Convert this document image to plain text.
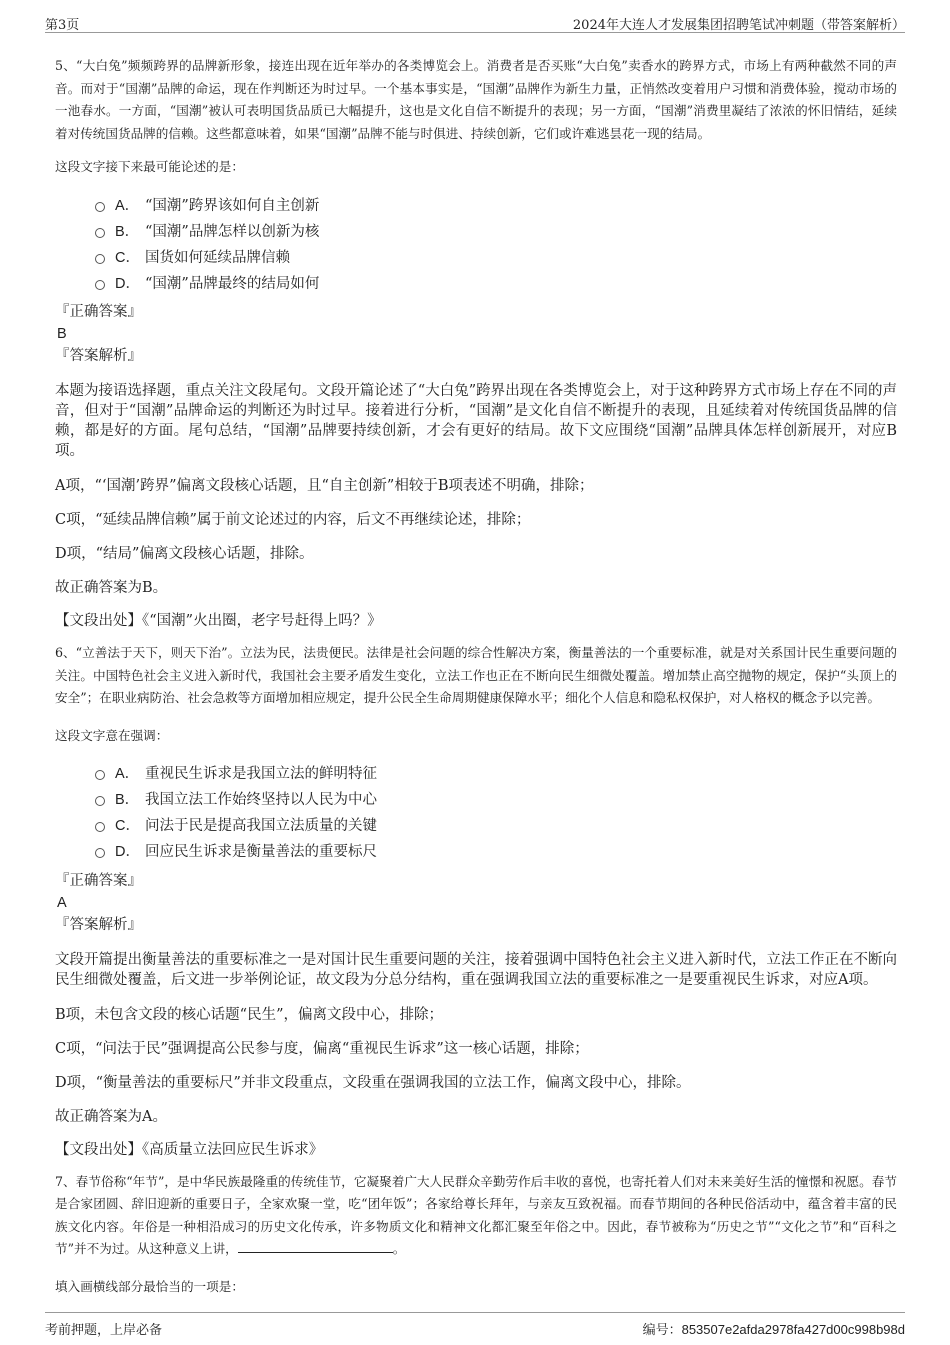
第3页	2024年大连人才发展集团招聘笔试冲刺题（带答案解析）

5、“大白兔”频频跨界的品牌新形象，接连出现在近年举办的各类博览会上。消费者是否买账“大白兔”卖香水的跨界方式，市场上有两种截然不同的声音。而对于“国潮”品牌的命运，现在作判断还为时过早。一个基本事实是，“国潮”品牌作为新生力量，正悄然改变着用户习惯和消费体验，搅动市场的一池春水。一方面，“国潮”被认可表明国货品质已大幅提升，这也是文化自信不断提升的表现；另一方面，“国潮”消费里凝结了浓浓的怀旧情结，延续着对传统国货品牌的信赖。这些都意味着，如果“国潮”品牌不能与时俱进、持续创新，它们或许难逃昙花一现的结局。

这段文字接下来最可能论述的是：

A． “国潮”跨界该如何自主创新
B． “国潮”品牌怎样以创新为核
C． 国货如何延续品牌信赖
D． “国潮”品牌最终的结局如何

『正确答案』

B

『答案解析』

本题为接语选择题，重点关注文段尾句。文段开篇论述了“大白兔”跨界出现在各类博览会上，对于这种跨界方式市场上存在不同的声音，但对于“国潮”品牌命运的判断还为时过早。接着进行分析，“国潮”是文化自信不断提升的表现，且延续着对传统国货品牌的信赖，都是好的方面。尾句总结，“国潮”品牌要持续创新，才会有更好的结局。故下文应围绕“国潮”品牌具体怎样创新展开，对应B项。

A项，“‘国潮’跨界”偏离文段核心话题，且“自主创新”相较于B项表述不明确，排除；

C项，“延续品牌信赖”属于前文论述过的内容，后文不再继续论述，排除；

D项，“结局”偏离文段核心话题，排除。

故正确答案为B。

【文段出处】《“国潮”火出圈，老字号赶得上吗？》

6、“立善法于天下，则天下治”。立法为民，法贵便民。法律是社会问题的综合性解决方案，衡量善法的一个重要标准，就是对关系国计民生重要问题的关注。中国特色社会主义进入新时代，我国社会主要矛盾发生变化，立法工作也正在不断向民生细微处覆盖。增加禁止高空抛物的规定，保护“头顶上的安全”；在职业病防治、社会急救等方面增加相应规定，提升公民全生命周期健康保障水平；细化个人信息和隐私权保护，对人格权的概念予以完善。

这段文字意在强调：

A． 重视民生诉求是我国立法的鲜明特征
B． 我国立法工作始终坚持以人民为中心
C． 问法于民是提高我国立法质量的关键
D． 回应民生诉求是衡量善法的重要标尺

『正确答案』

A

『答案解析』

文段开篇提出衡量善法的重要标准之一是对国计民生重要问题的关注，接着强调中国特色社会主义进入新时代，立法工作正在不断向民生细微处覆盖，后文进一步举例论证，故文段为分总分结构，重在强调我国立法的重要标准之一是要重视民生诉求，对应A项。

B项，未包含文段的核心话题“民生”，偏离文段中心，排除；

C项，“问法于民”强调提高公民参与度，偏离“重视民生诉求”这一核心话题，排除；

D项，“衡量善法的重要标尺”并非文段重点，文段重在强调我国的立法工作，偏离文段中心，排除。

故正确答案为A。

【文段出处】《高质量立法回应民生诉求》

7、春节俗称“年节”，是中华民族最隆重的传统佳节，它凝聚着广大人民群众辛勤劳作后丰收的喜悦，也寄托着人们对未来美好生活的憧憬和祝愿。春节是合家团圆、辞旧迎新的重要日子，全家欢聚一堂，吃“团年饭”；各家给尊长拜年，与亲友互致祝福。而春节期间的各种民俗活动中，蕴含着丰富的民族文化内容。年俗是一种相沿成习的历史文化传承，许多物质文化和精神文化都汇聚至年俗之中。因此，春节被称为“历史之节”“文化之节”和“百科之节”并不为过。从这种意义上讲，	。

填入画横线部分最恰当的一项是：

考前押题，上岸必备	编号：853507e2afda2978fa427d00c998b98d
